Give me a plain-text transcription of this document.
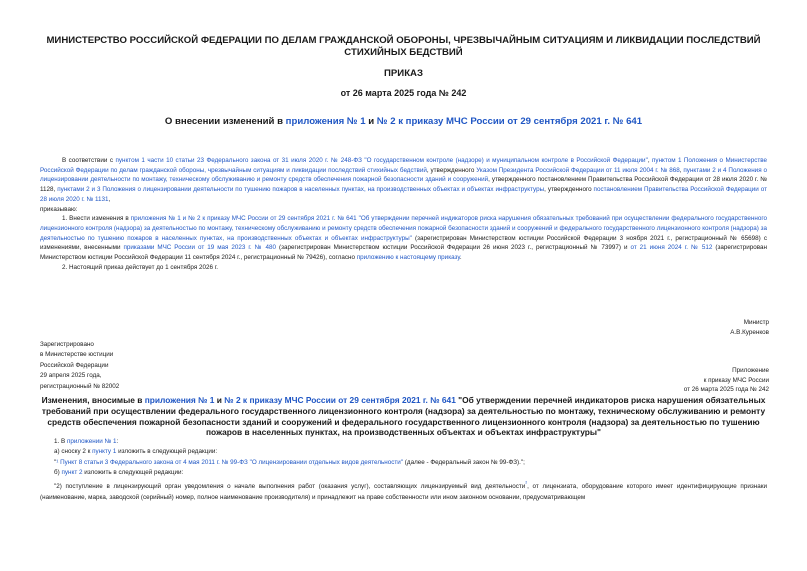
МИНИСТЕРСТВО РОССИЙСКОЙ ФЕДЕРАЦИИ ПО ДЕЛАМ ГРАЖДАНСКОЙ ОБОРОНЫ, ЧРЕЗВЫЧАЙНЫМ СИТУАЦИЯМ И ЛИКВИДАЦИИ ПОСЛЕДСТВИЙ СТИХИЙНЫХ БЕДСТВИЙ
ПРИКАЗ
от 26 марта 2025 года № 242
О внесении изменений в приложения № 1 и № 2 к приказу МЧС России от 29 сентября 2021 г. № 641

В соответствии с пунктом 1 части 10 статьи 23 Федерального закона от 31 июля 2020 г. № 248-ФЗ "О государственном контроле (надзоре) и муниципальном контроле в Российской Федерации", пунктом 1 Положения о Министерстве Российской Федерации по делам гражданской обороны, чрезвычайным ситуациям и ликвидации последствий стихийных бедствий, утвержденного Указом Президента Российской Федерации от 11 июля 2004 г. № 868, пунктами 2 и 4 Положения о лицензировании деятельности по монтажу, техническому обслуживанию и ремонту средств обеспечения пожарной безопасности зданий и сооружений, утвержденного постановлением Правительства Российской Федерации от 28 июля 2020 г. № 1128, пунктами 2 и 3 Положения о лицензировании деятельности по тушению пожаров в населенных пунктах, на производственных объектах и объектах инфраструктуры, утвержденного постановлением Правительства Российской Федерации от 28 июля 2020 г. № 1131,

приказываю:

1. Внести изменения в приложения № 1 и № 2 к приказу МЧС России от 29 сентября 2021 г. № 641 "Об утверждении перечней индикаторов риска нарушения обязательных требований при осуществлении федерального государственного лицензионного контроля (надзора) за деятельностью по монтажу, техническому обслуживанию и ремонту средств обеспечения пожарной безопасности зданий и сооружений и федерального государственного лицензионного контроля (надзора) за деятельностью по тушению пожаров в населенных пунктах, на производственных объектах и объектах инфраструктуры" (зарегистрирован Министерством юстиции Российской Федерации 3 ноября 2021 г., регистрационный № 65698) с изменениями, внесенными приказами МЧС России от 19 мая 2023 г. № 480 (зарегистрирован Министерством юстиции Российской Федерации 26 июня 2023 г., регистрационный № 73997) и от 21 июня 2024 г. № 512 (зарегистрирован Министерством юстиции Российской Федерации 11 сентября 2024 г., регистрационный № 79426), согласно приложению к настоящему приказу.

2. Настоящий приказ действует до 1 сентября 2026 г.

Министр
А.В.Куренков
Зарегистрировано
в Министерстве юстиции
Российской Федерации
29 апреля 2025 года,
регистрационный № 82002
Приложение
к приказу МЧС России
от 26 марта 2025 года № 242
Изменения, вносимые в приложения № 1 и № 2 к приказу МЧС России от 29 сентября 2021 г. № 641 "Об утверждении перечней индикаторов риска нарушения обязательных требований при осуществлении федерального государственного лицензионного контроля (надзора) за деятельностью по монтажу, техническому обслуживанию и ремонту средств обеспечения пожарной безопасности зданий и сооружений и федерального государственного лицензионного контроля (надзора) за деятельностью по тушению пожаров в населенных пунктах, на производственных объектах и объектах инфраструктуры"

1. В приложении № 1:

а) сноску 2 к пункту 1 изложить в следующей редакции:

"¹ Пункт 8 статьи 3 Федерального закона от 4 мая 2011 г. № 99-ФЗ "О лицензировании отдельных видов деятельности" (далее - Федеральный закон № 99-ФЗ).";

б) пункт 2 изложить в следующей редакции:

"2) поступление в лицензирующий орган уведомления о начале выполнения работ (оказания услуг), составляющих лицензируемый вид деятельности$^{^2}$, от лицензиата, оборудование которого имеет идентифицирующие признаки (наименование, марка, заводской (серийный) номер, полное наименование производителя) и принадлежит на праве собственности или ином законном основании, предусматривающем
